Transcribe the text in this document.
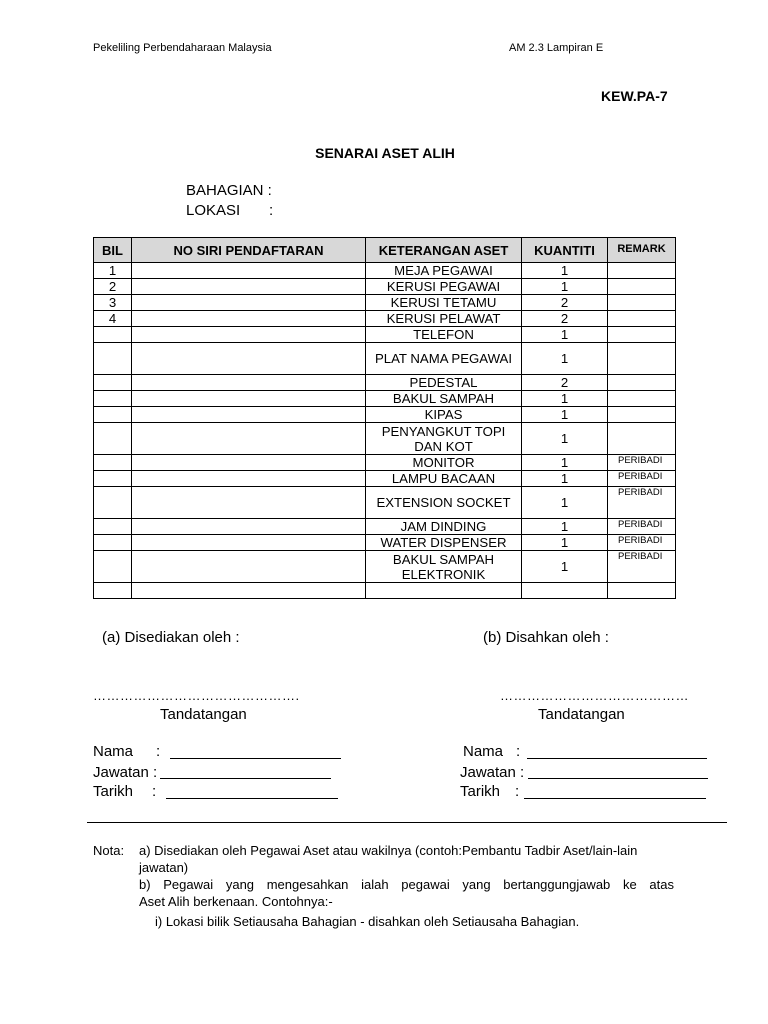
Pekeliling Perbendaharaan Malaysia	AM 2.3 Lampiran E
KEW.PA-7
SENARAI ASET ALIH
BAHAGIAN :
LOKASI :
BIL	NO SIRI PENDAFTARAN	KETERANGAN ASET	KUANTITI	REMARK
1		MEJA PEGAWAI	1	
2		KERUSI PEGAWAI	1	
3		KERUSI TETAMU	2	
4		KERUSI PELAWAT	2	
		TELEFON	1	
		PLAT NAMA PEGAWAI	1	
		PEDESTAL	2	
		BAKUL SAMPAH	1	
		KIPAS	1	
		PENYANGKUT TOPI DAN KOT	1	
		MONITOR	1	PERIBADI
		LAMPU BACAAN	1	PERIBADI
		EXTENSION SOCKET	1	PERIBADI
		JAM DINDING	1	PERIBADI
		WATER DISPENSER	1	PERIBADI
		BAKUL SAMPAH ELEKTRONIK	1	PERIBADI

(a) Disediakan oleh :	(b) Disahkan oleh :
……………………………………….	……………………………………
Tandatangan	Tandatangan
Nama :
Jawatan :
Tarikh :
Nama :
Jawatan :
Tarikh :
Nota: a) Disediakan oleh Pegawai Aset atau wakilnya (contoh:Pembantu Tadbir Aset/lain-lain
jawatan)
b) Pegawai yang mengesahkan ialah pegawai yang bertanggungjawab ke atas
Aset Alih berkenaan. Contohnya:-
i) Lokasi bilik Setiausaha Bahagian - disahkan oleh Setiausaha Bahagian.
